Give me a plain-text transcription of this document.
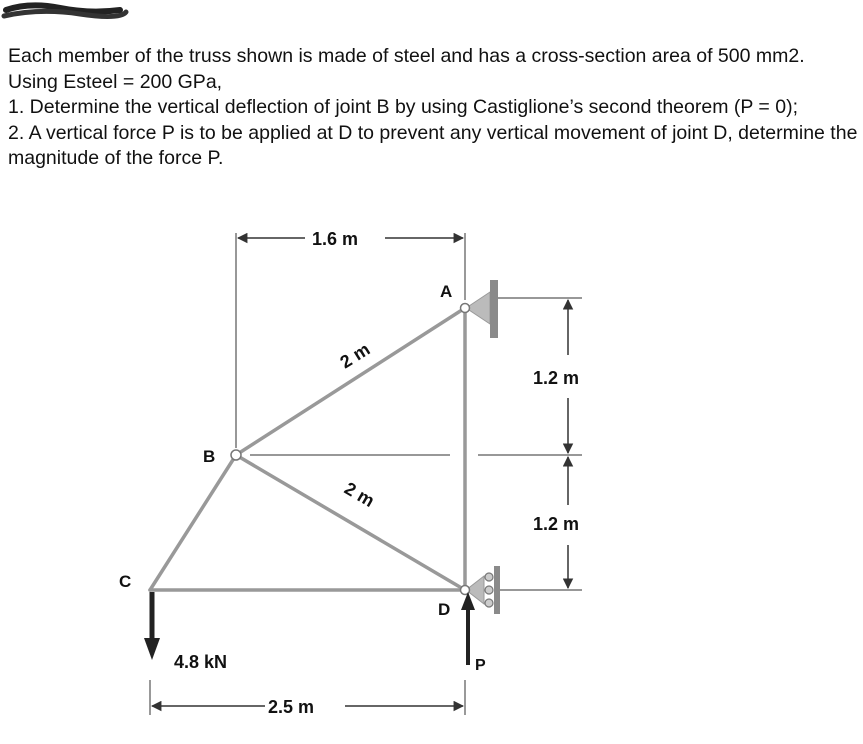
Each member of the truss shown is made of steel and has a cross-section area of 500 mm2. Using Esteel = 200 GPa,

1. Determine the vertical deflection of joint B by using Castiglione’s second theorem (P = 0);

2. A vertical force P is to be applied at D to prevent any vertical movement of joint D, determine the magnitude of the force P.

A
B
C
D
1.6 m
2.5 m
1.2 m
1.2 m
2 m
2 m
4.8 kN	P
